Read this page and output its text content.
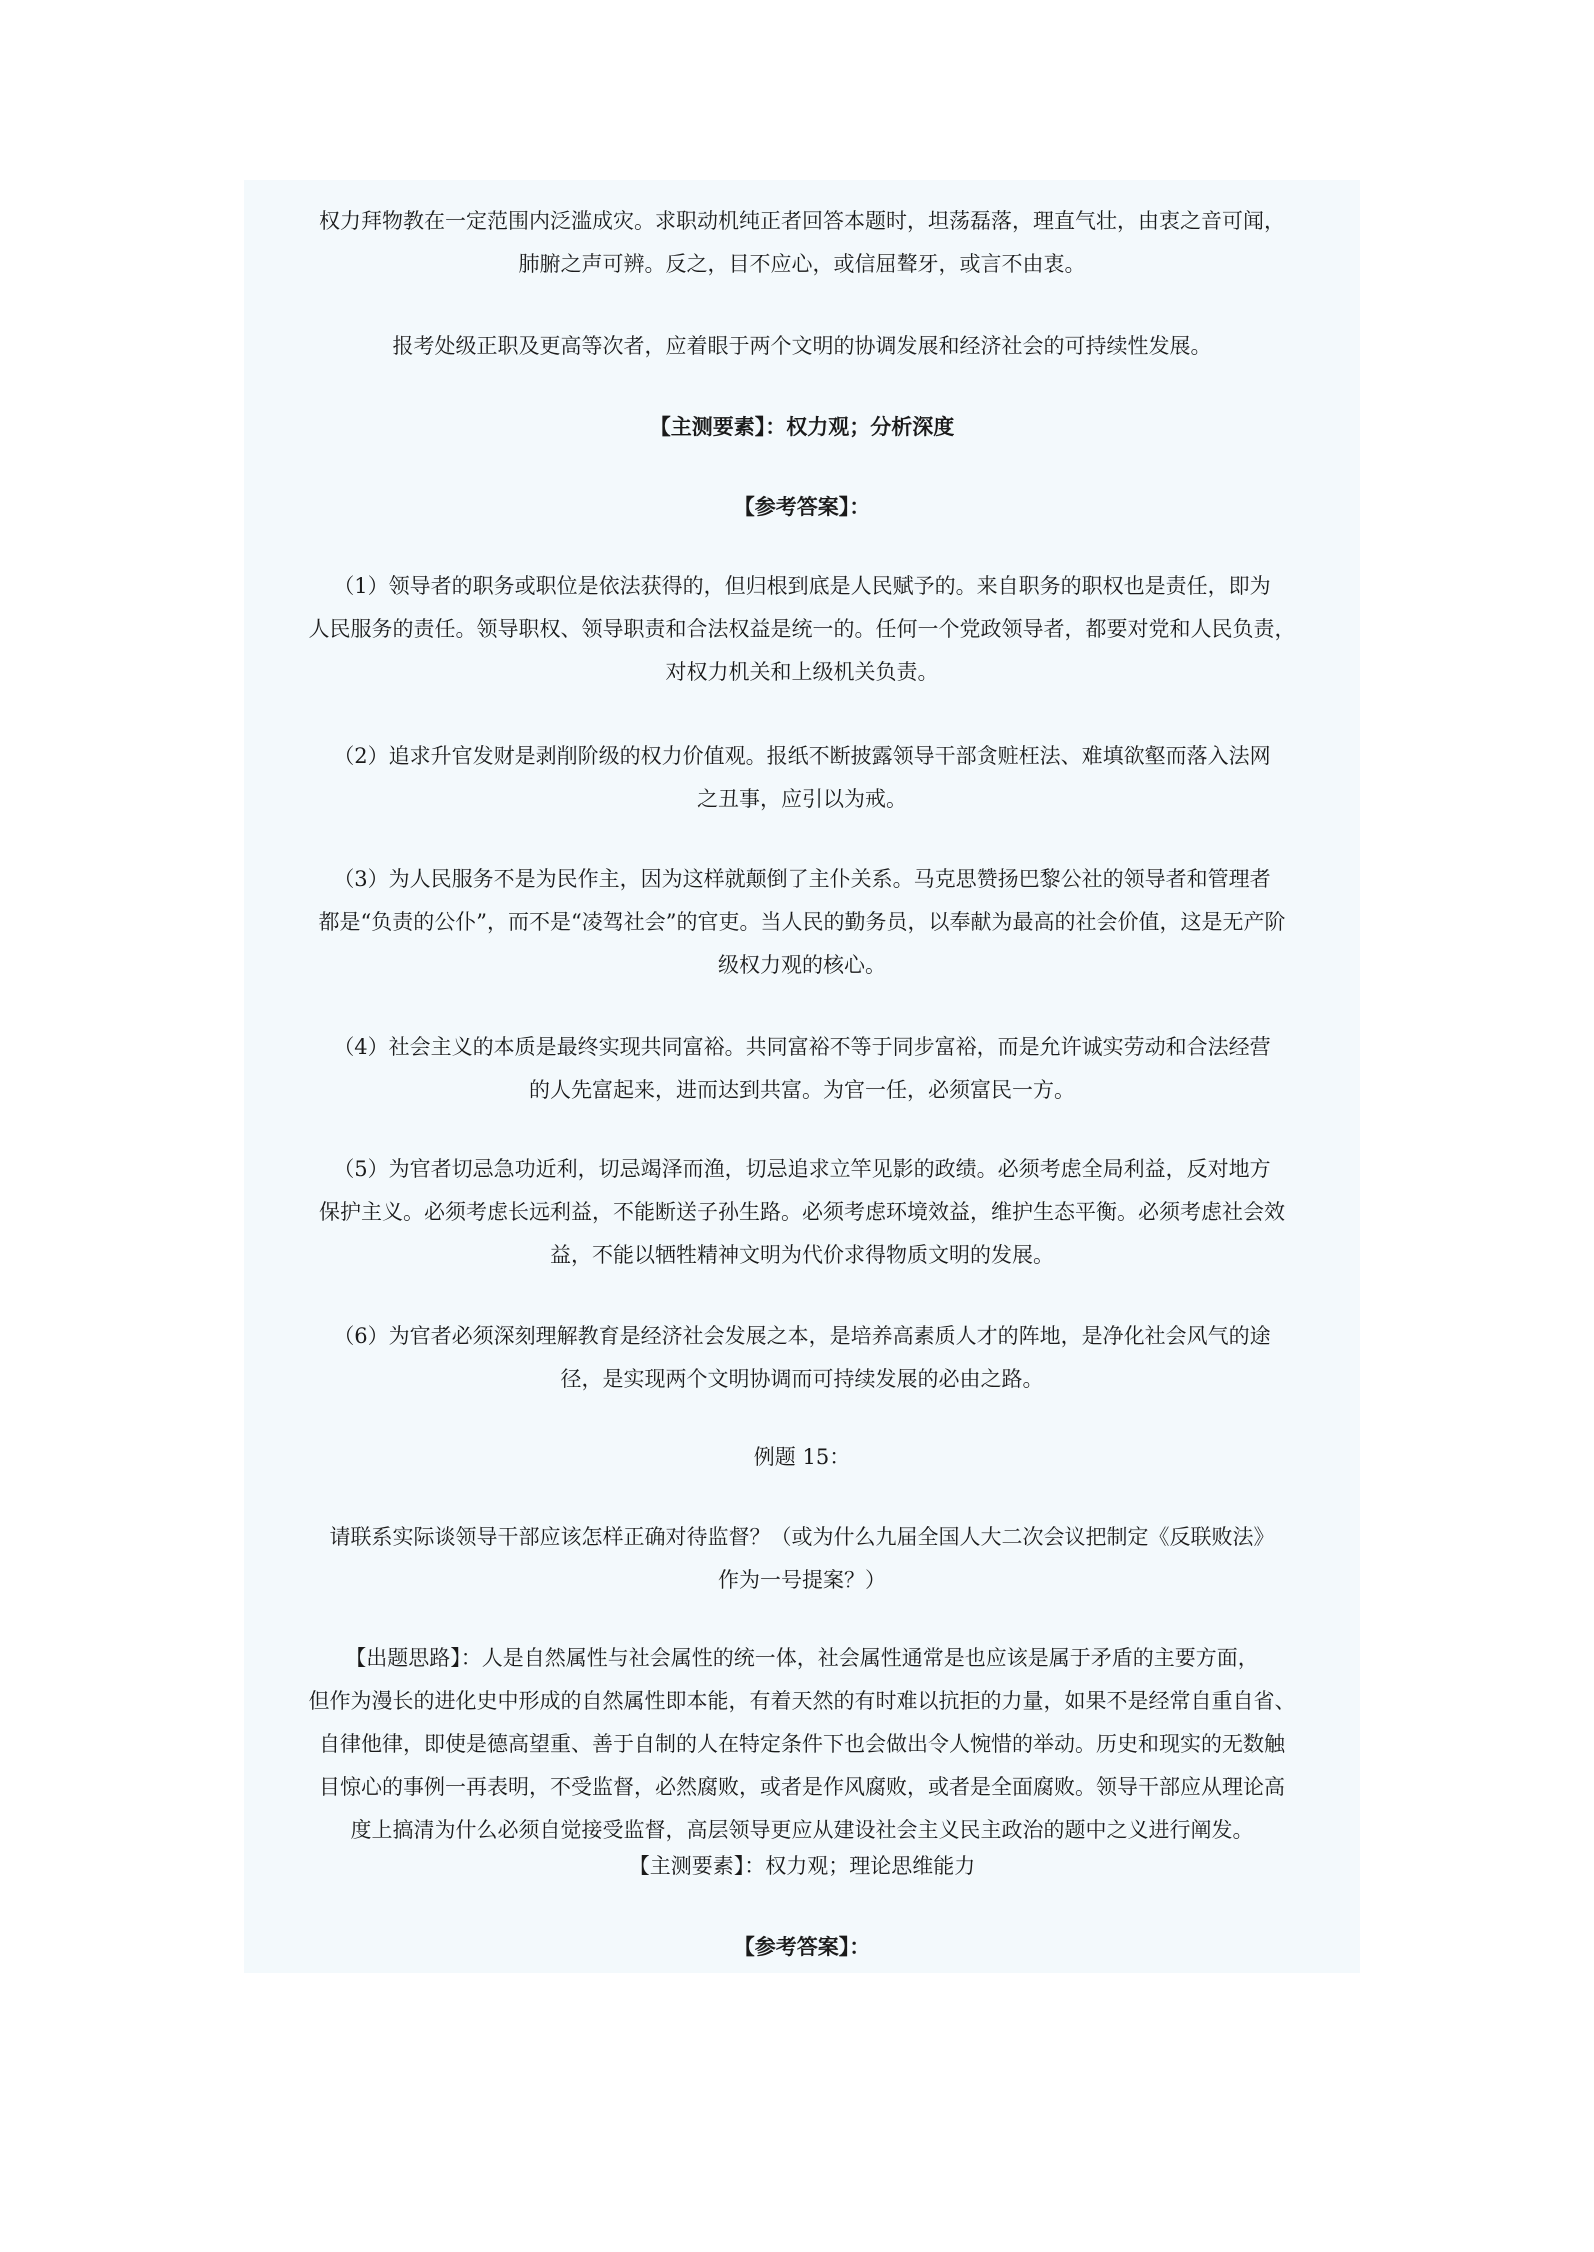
权力拜物教在一定范围内泛滥成灾。求职动机纯正者回答本题时，坦荡磊落，理直气壮，由衷之音可闻，

肺腑之声可辨。反之，目不应心，或信屈聱牙，或言不由衷。

报考处级正职及更高等次者，应着眼于两个文明的协调发展和经济社会的可持续性发展。

【主测要素】：权力观；分析深度

【参考答案】：

（1）领导者的职务或职位是依法获得的，但归根到底是人民赋予的。来自职务的职权也是责任，即为

人民服务的责任。领导职权、领导职责和合法权益是统一的。任何一个党政领导者，都要对党和人民负责，

对权力机关和上级机关负责。

（2）追求升官发财是剥削阶级的权力价值观。报纸不断披露领导干部贪赃枉法、难填欲壑而落入法网

之丑事，应引以为戒。

（3）为人民服务不是为民作主，因为这样就颠倒了主仆关系。马克思赞扬巴黎公社的领导者和管理者

都是“负责的公仆”，而不是“凌驾社会”的官吏。当人民的勤务员，以奉献为最高的社会价值，这是无产阶

级权力观的核心。

（4）社会主义的本质是最终实现共同富裕。共同富裕不等于同步富裕，而是允许诚实劳动和合法经营

的人先富起来，进而达到共富。为官一任，必须富民一方。

（5）为官者切忌急功近利，切忌竭泽而渔，切忌追求立竿见影的政绩。必须考虑全局利益，反对地方

保护主义。必须考虑长远利益，不能断送子孙生路。必须考虑环境效益，维护生态平衡。必须考虑社会效

益，不能以牺牲精神文明为代价求得物质文明的发展。

（6）为官者必须深刻理解教育是经济社会发展之本，是培养高素质人才的阵地，是净化社会风气的途

径，是实现两个文明协调而可持续发展的必由之路。

例题 15：

请联系实际谈领导干部应该怎样正确对待监督？（或为什么九届全国人大二次会议把制定《反联败法》

作为一号提案？）

【出题思路】：人是自然属性与社会属性的统一体，社会属性通常是也应该是属于矛盾的主要方面，

但作为漫长的进化史中形成的自然属性即本能，有着天然的有时难以抗拒的力量，如果不是经常自重自省、

自律他律，即使是德高望重、善于自制的人在特定条件下也会做出令人惋惜的举动。历史和现实的无数触

目惊心的事例一再表明，不受监督，必然腐败，或者是作风腐败，或者是全面腐败。领导干部应从理论高

度上搞清为什么必须自觉接受监督，高层领导更应从建设社会主义民主政治的题中之义进行阐发。

【主测要素】：权力观；理论思维能力

【参考答案】：
